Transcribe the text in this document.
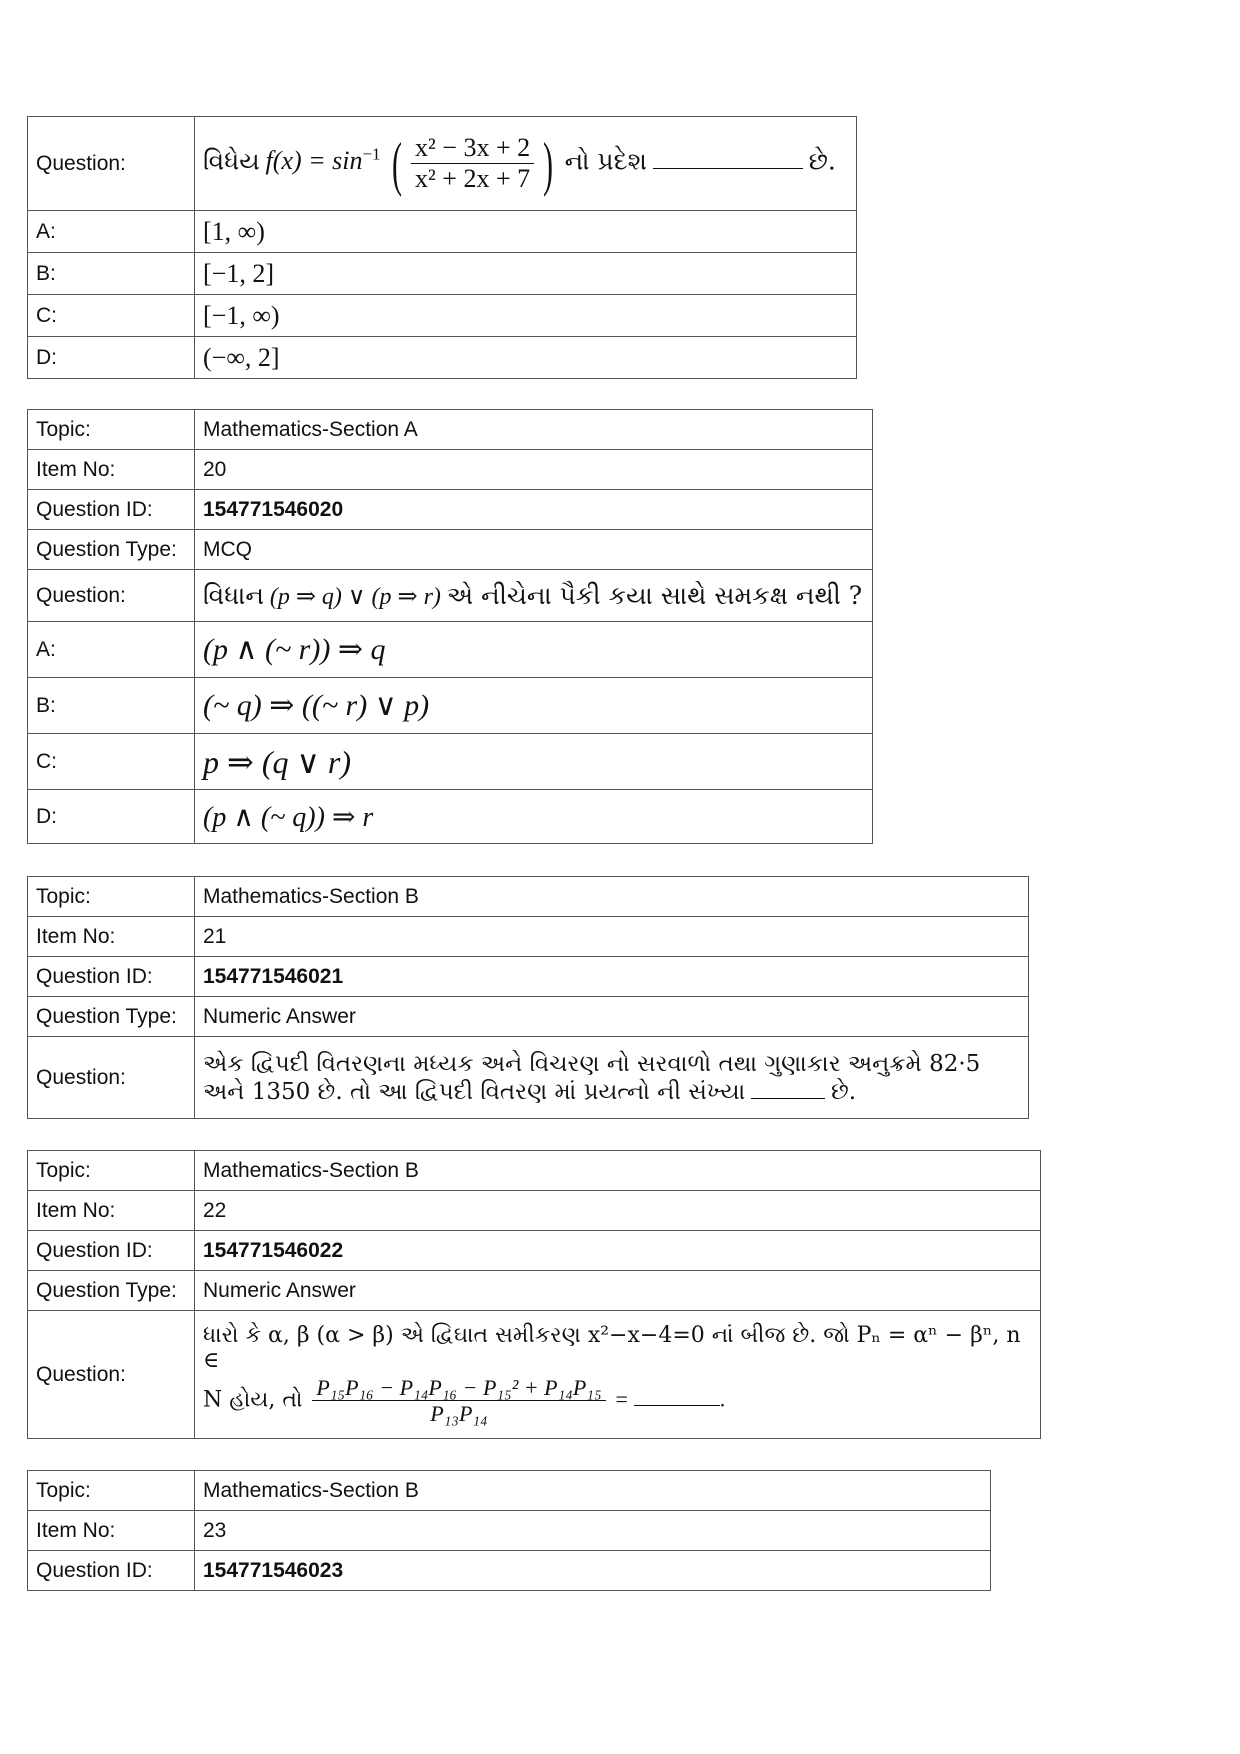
Question:	વિધેય $f(x) = \sin^{-1}$ ( $\frac{\text{x² − 3x + 2}}{\text{x² + 2x + 7}}$ ) નો પ્રદેશ છે.
A:	[1, ∞)
B:	[−1, 2]
C:	[−1, ∞)
D:	(−∞, 2]
Topic:	Mathematics-Section A
Item No:	20
Question ID:	154771546020
Question Type:	MCQ
Question:	વિધાન (p ⇒ q) ∨ (p ⇒ r) એ નીચેના પૈકી કયા સાથે સમકક્ષ નથી ?
A:	(p ∧ (~ r)) ⇒ q
B:	(~ q) ⇒ ((~ r) ∨ p)
C:	p ⇒ (q ∨ r)
D:	(p ∧ (~ q)) ⇒ r
Topic:	Mathematics-Section B
Item No:	21
Question ID:	154771546021
Question Type:	Numeric Answer
Question:	એક દ્વિપદી વિતરણના મધ્યક અને વિચરણ નો સરવાળો તથા ગુણાકાર અનુક્રમે 82·5
અને 1350 છે. તો આ દ્વિપદી વિતરણ માં પ્રયત્નો ની સંખ્યા છે.
Topic:	Mathematics-Section B
Item No:	22
Question ID:	154771546022
Question Type:	Numeric Answer
Question:	ધારો કે α, β (α > β) એ દ્વિઘાત સમીકરણ x²−x−4=0 નાં બીજ છે. જો Pₙ = αⁿ − βⁿ, n ∈
N હોય, તો $\frac{\text{P₁₅P₁₆ − P₁₄P₁₆ − P₁₅² + P₁₄P₁₅}}{\text{P₁₃P₁₄}}$ = .
Topic:	Mathematics-Section B
Item No:	23
Question ID:	154771546023
